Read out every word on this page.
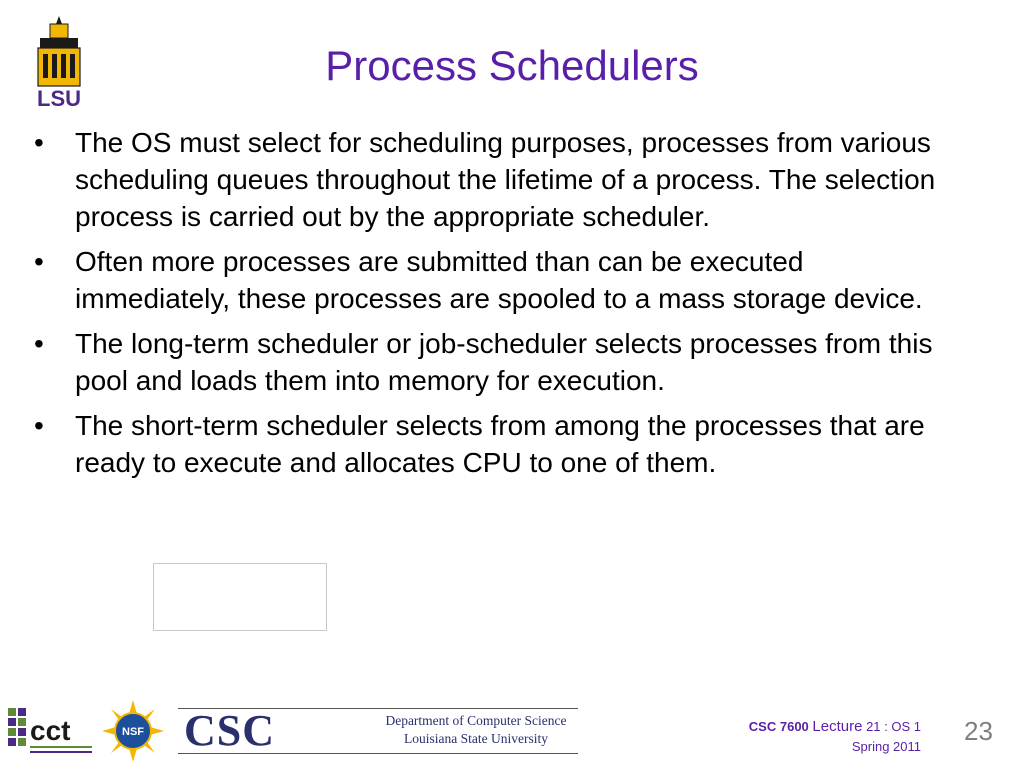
LSU
Process Schedulers
• The OS must select for scheduling purposes, processes from various scheduling queues throughout the lifetime of a process. The selection process is carried out by the appropriate scheduler.
• Often more processes are submitted than can be executed immediately, these processes are spooled to a mass storage device.
• The long-term scheduler or job-scheduler selects processes from this pool and loads them into memory for execution.
• The short-term scheduler selects from among the processes that are ready to execute and allocates CPU to one of them.
cct	NSF CSC	Department of Computer Science
Louisiana State University
CSC 7600 Lecture 21 : OS 1
Spring 2011
23
